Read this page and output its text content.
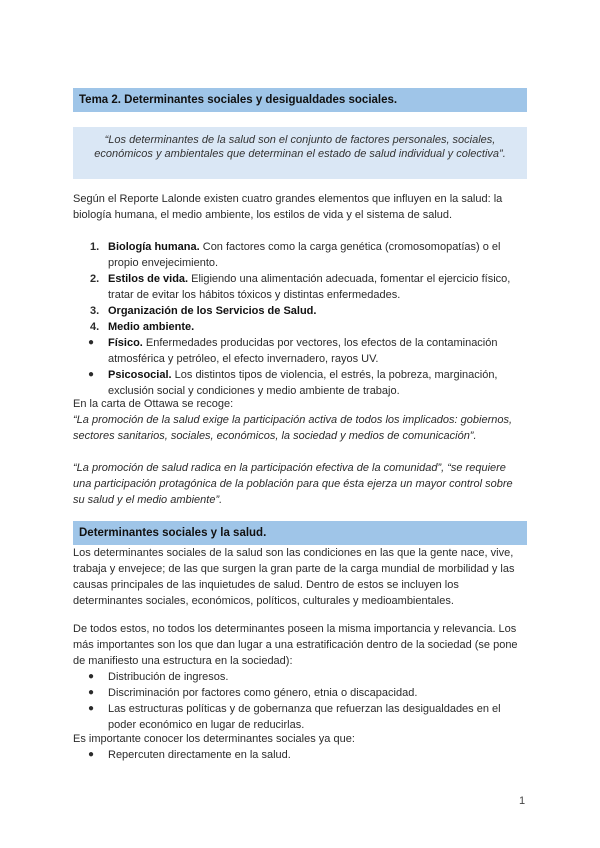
Tema 2. Determinantes sociales y desigualdades sociales.
“Los determinantes de la salud son el conjunto de factores personales, sociales, económicos y ambientales que determinan el estado de salud individual y colectiva”.

Según el Reporte Lalonde existen cuatro grandes elementos que influyen en la salud: la biología humana, el medio ambiente, los estilos de vida y el sistema de salud.

1. Biología humana. Con factores como la carga genética (cromosomopatías) o el propio envejecimiento.
2. Estilos de vida. Eligiendo una alimentación adecuada, fomentar el ejercicio físico, tratar de evitar los hábitos tóxicos y distintas enfermedades.
3. Organización de los Servicios de Salud.
4. Medio ambiente.
● Físico. Enfermedades producidas por vectores, los efectos de la contaminación atmosférica y petróleo, el efecto invernadero, rayos UV.
● Psicosocial. Los distintos tipos de violencia, el estrés, la pobreza, marginación, exclusión social y condiciones y medio ambiente de trabajo.

En la carta de Ottawa se recoge:

“La promoción de la salud exige la participación activa de todos los implicados: gobiernos, sectores sanitarios, sociales, económicos, la sociedad y medios de comunicación”.

“La promoción de salud radica en la participación efectiva de la comunidad”, “se requiere una participación protagónica de la población para que ésta ejerza un mayor control sobre su salud y el medio ambiente”.

Determinantes sociales y la salud.

Los determinantes sociales de la salud son las condiciones en las que la gente nace, vive, trabaja y envejece; de las que surgen la gran parte de la carga mundial de morbilidad y las causas principales de las inquietudes de salud. Dentro de estos se incluyen los determinantes sociales, económicos, políticos, culturales y medioambientales.

De todos estos, no todos los determinantes poseen la misma importancia y relevancia. Los más importantes son los que dan lugar a una estratificación dentro de la sociedad (se pone de manifiesto una estructura en la sociedad):

● Distribución de ingresos.
● Discriminación por factores como género, etnia o discapacidad.
● Las estructuras políticas y de gobernanza que refuerzan las desigualdades en el poder económico en lugar de reducirlas.

Es importante conocer los determinantes sociales ya que:

● Repercuten directamente en la salud.
1
